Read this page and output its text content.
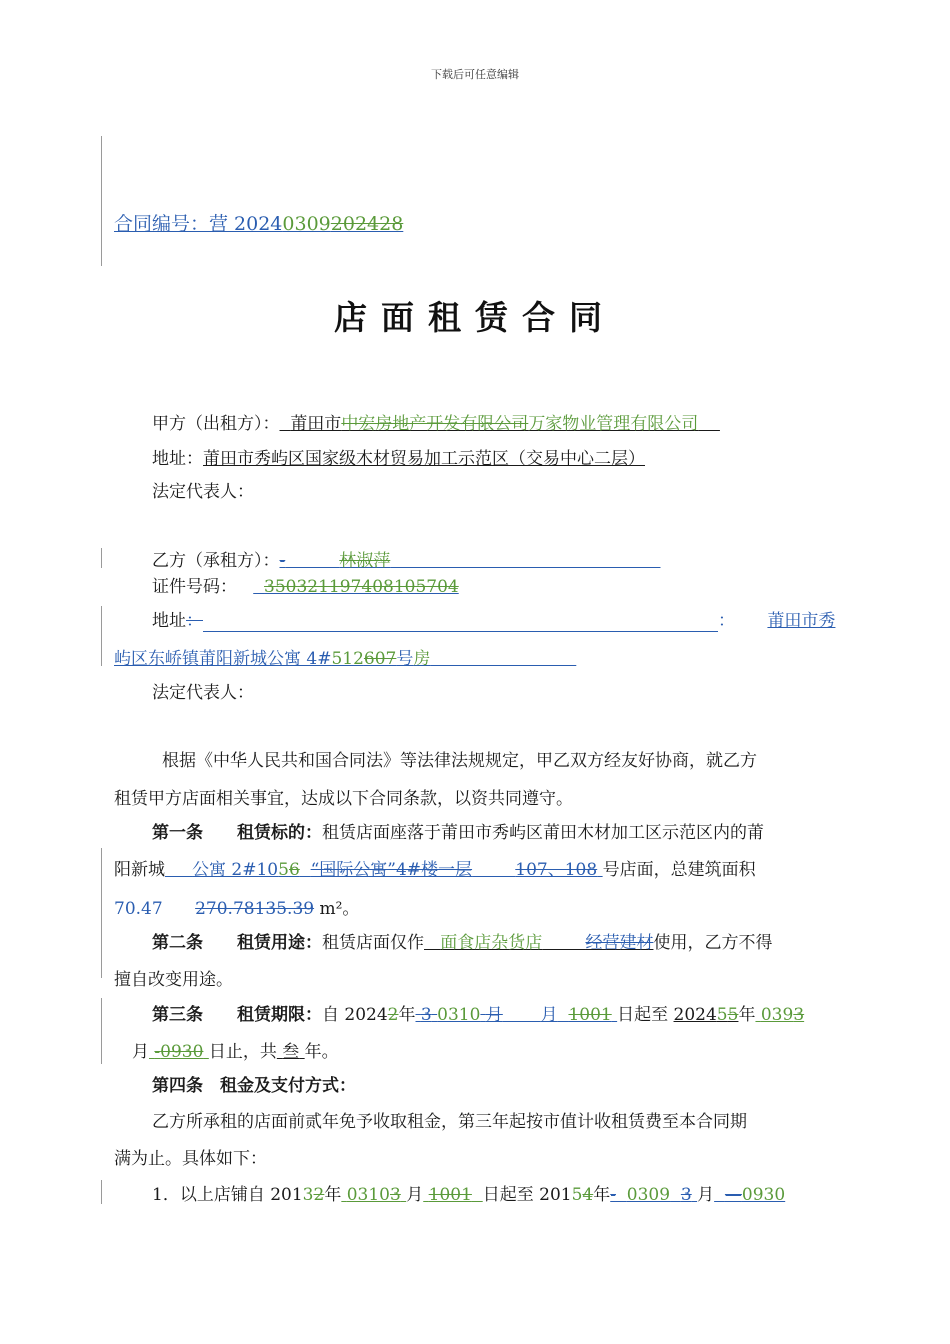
下载后可任意编辑
合同编号：营 20240309202428
店面租赁合同
甲方（出租方）： 莆田市中宏房地产开发有限公司万家物业管理有限公司
地址：莆田市秀屿区国家级木材贸易加工示范区（交易中心二层）
法定代表人：
乙方（承租方）：-	林淑萍
证件号码： 350321197408105704
地址：	： 莆田市秀
屿区东峤镇莆阳新城公寓 4#512607号房
法定代表人：
根据《中华人民共和国合同法》等法律法规规定，甲乙双方经友好协商，就乙方
租赁甲方店面相关事宜，达成以下合同条款，以资共同遵守。
第一条　　租赁标的：租赁店面座落于莆田市秀屿区莆田木材加工区示范区内的莆
阳新城 公寓 2#1056 “国际公寓”4#楼一层	107、108 号店面，总建筑面积
70.47 270.78135.39 m²。
第二条　　租赁用途：租赁店面仅作 面食店杂货店	经营建材使用，乙方不得
擅自改变用途。
第三条　　租赁期限：自 20242年 3 0310 月 月 1001 日起至 202455年 0393
月 -0930 日止，共 叁 年。
第四条　租金及支付方式：
乙方所承租的店面前贰年免予收取租金，第三年起按市值计收租赁费至本合同期
满为止。具体如下：
1．以上店铺自 20132年 03103 月 1001 日起至 20154年- 0309 3 月 —0930
